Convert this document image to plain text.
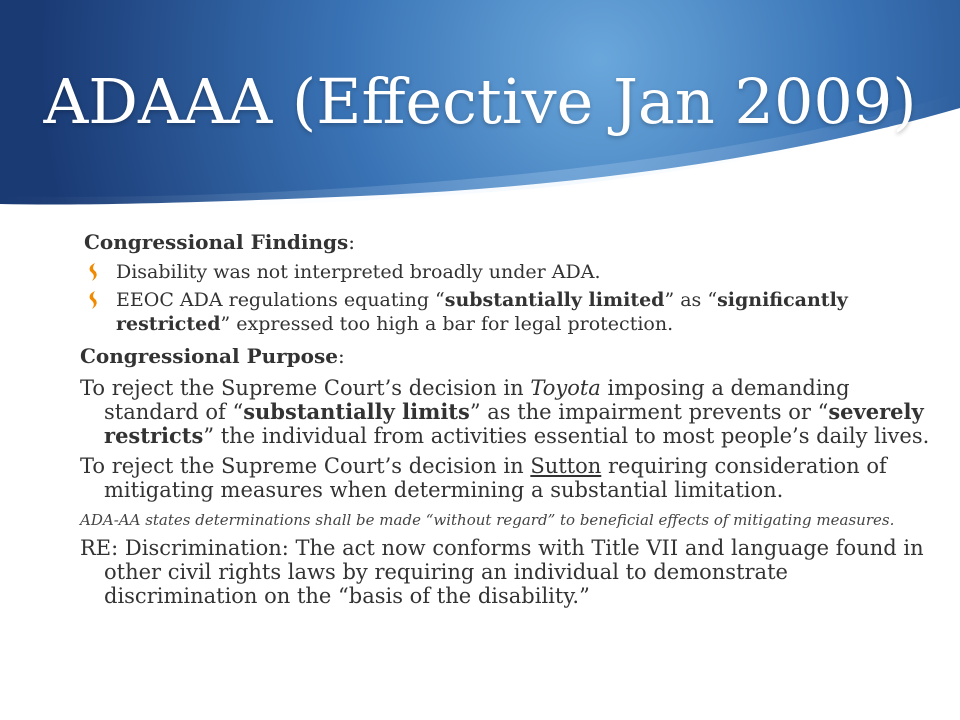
ADAAA (Effective Jan 2009)

Congressional Findings:

Disability was not interpreted broadly under ADA.
EEOC ADA regulations equating “substantially limited” as “significantly restricted” expressed too high a bar for legal protection.

Congressional Purpose:

To reject the Supreme Court’s decision in Toyota imposing a demanding standard of “substantially limits” as the impairment prevents or “severely restricts” the individual from activities essential to most people’s daily lives.
To reject the Supreme Court’s decision in Sutton requiring consideration of mitigating measures when determining a substantial limitation.
ADA-AA states determinations shall be made “without regard” to beneficial effects of mitigating measures.
RE: Discrimination: The act now conforms with Title VII and language found in other civil rights laws by requiring an individual to demonstrate discrimination on the “basis of the disability.”
